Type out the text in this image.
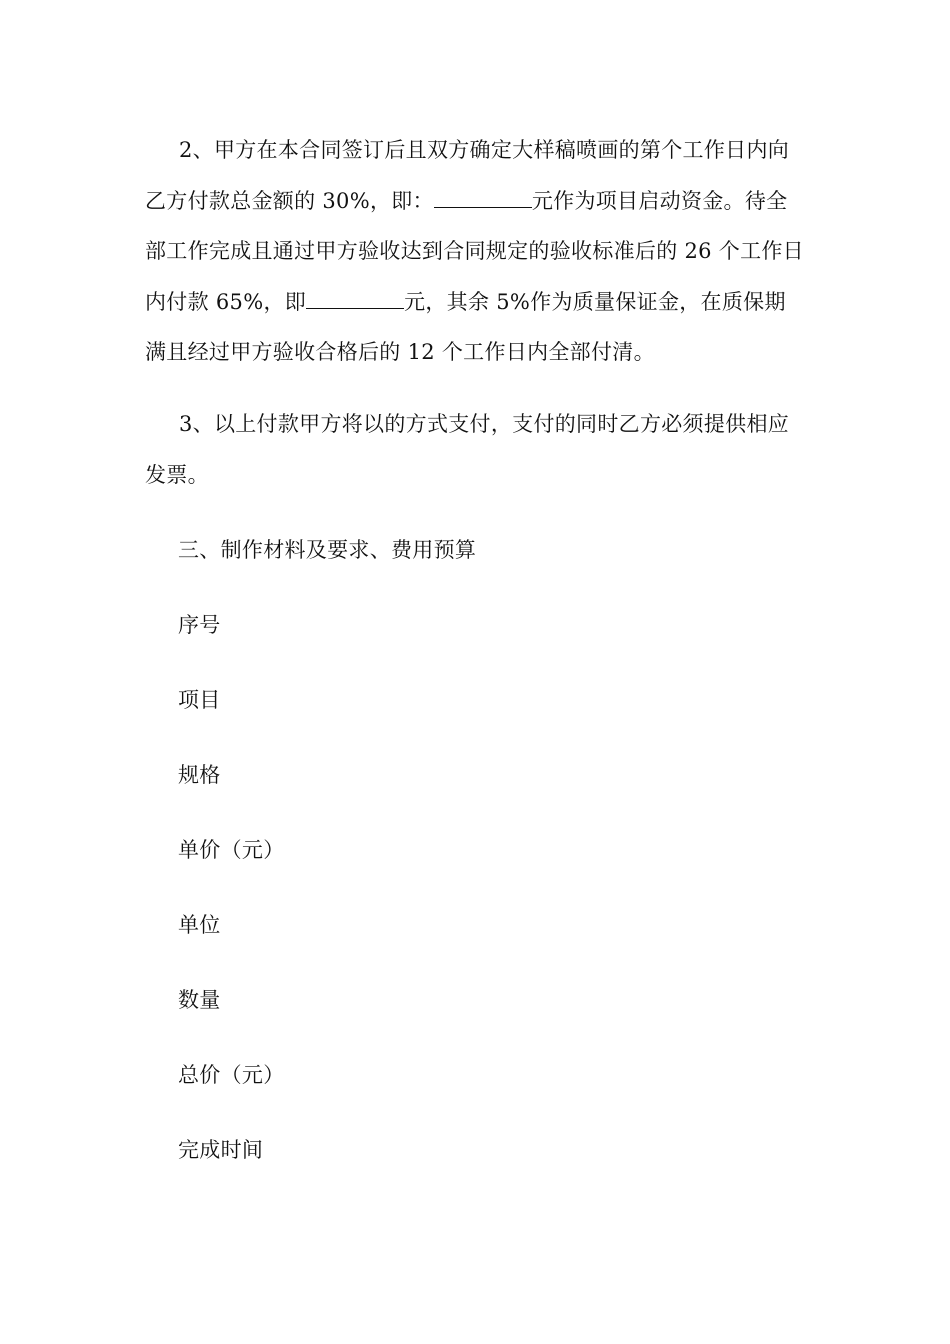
2、甲方在本合同签订后且双方确定大样稿喷画的第个工作日内向乙方付款总金额的 30%，即：	元作为项目启动资金。待全部工作完成且通过甲方验收达到合同规定的验收标准后的 26 个工作日内付款 65%，即	元，其余 5%作为质量保证金，在质保期满且经过甲方验收合格后的 12 个工作日内全部付清。

3、以上付款甲方将以的方式支付，支付的同时乙方必须提供相应发票。

三、制作材料及要求、费用预算

序号

项目

规格

单价（元）

单位

数量

总价（元）

完成时间
